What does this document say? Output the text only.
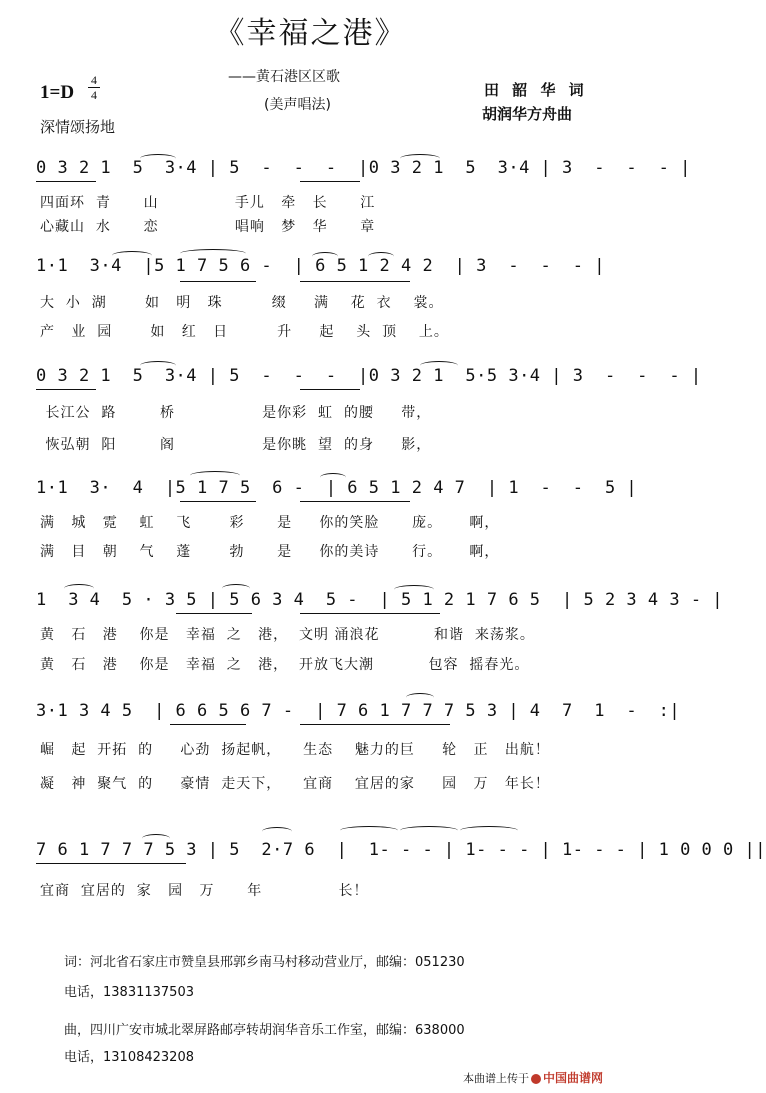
《幸福之港》
1=D
4
4
深情颂扬地
——黄石港区区歌
(美声唱法)
田 韶 华 词
胡润华方舟曲
0 3 2 1  5  3·4 | 5  -  -  -  |0 3 2 1  5  3·4 | 3  -  -  - |
四面环  青      山              手儿   牵   长      江
心藏山  水      恋              唱响   梦   华      章
1·1  3·4  |5 1 7 5 6 -  | 6 5 1 2 4 2  | 3  -  -  - |
大  小  湖       如   明   珠         缀     满    花  衣    裳。
产   业  园       如   红   日         升     起    头  顶    上。
0 3 2 1  5  3·4 | 5  -  -  -  |0 3 2 1  5·5 3·4 | 3  -  -  - |
长江公  路        桥                是你彩  虹  的腰     带，
恢弘朝  阳        阁                是你眺  望  的身     影，
1·1  3·  4  |5 1 7 5  6 -  | 6 5 1 2 4 7  | 1  -  -  5 |
满   城   霓    虹    飞       彩      是     你的笑脸      庞。     啊，
满   目   朝    气    蓬       勃      是     你的美诗      行。     啊，
1  3 4  5 · 3 5 | 5 6 3 4  5 -  | 5 1 2 1 7 6 5  | 5 2 3 4 3 - |
黄   石   港    你是   幸福  之   港，  文明 涌浪花          和谐  来荡浆。
黄   石   港    你是   幸福  之   港，  开放飞大潮          包容  摇春光。
3·1 3 4 5  | 6 6 5 6 7 -  | 7 6 1 7 7 7 5 3 | 4  7  1  -  :|
崛   起  开拓  的     心劲  扬起帆，    生态    魅力的巨     轮   正   出航！
凝   神  聚气  的     豪情  走天下，    宜商    宜居的家     园   万   年长！
7 6 1 7 7 7 5 3 | 5  2·7 6  |  1- - - | 1- - - | 1- - - | 1 0 0 0 ||
宜商  宜居的  家   园   万      年              长！
词：河北省石家庄市赞皇县邢郭乡南马村移动营业厅，邮编：051230
电话，13831137503
曲，四川广安市城北翠屏路邮亭转胡润华音乐工作室，邮编：638000
电话，13108423208
本曲谱上传于 中国曲谱网
